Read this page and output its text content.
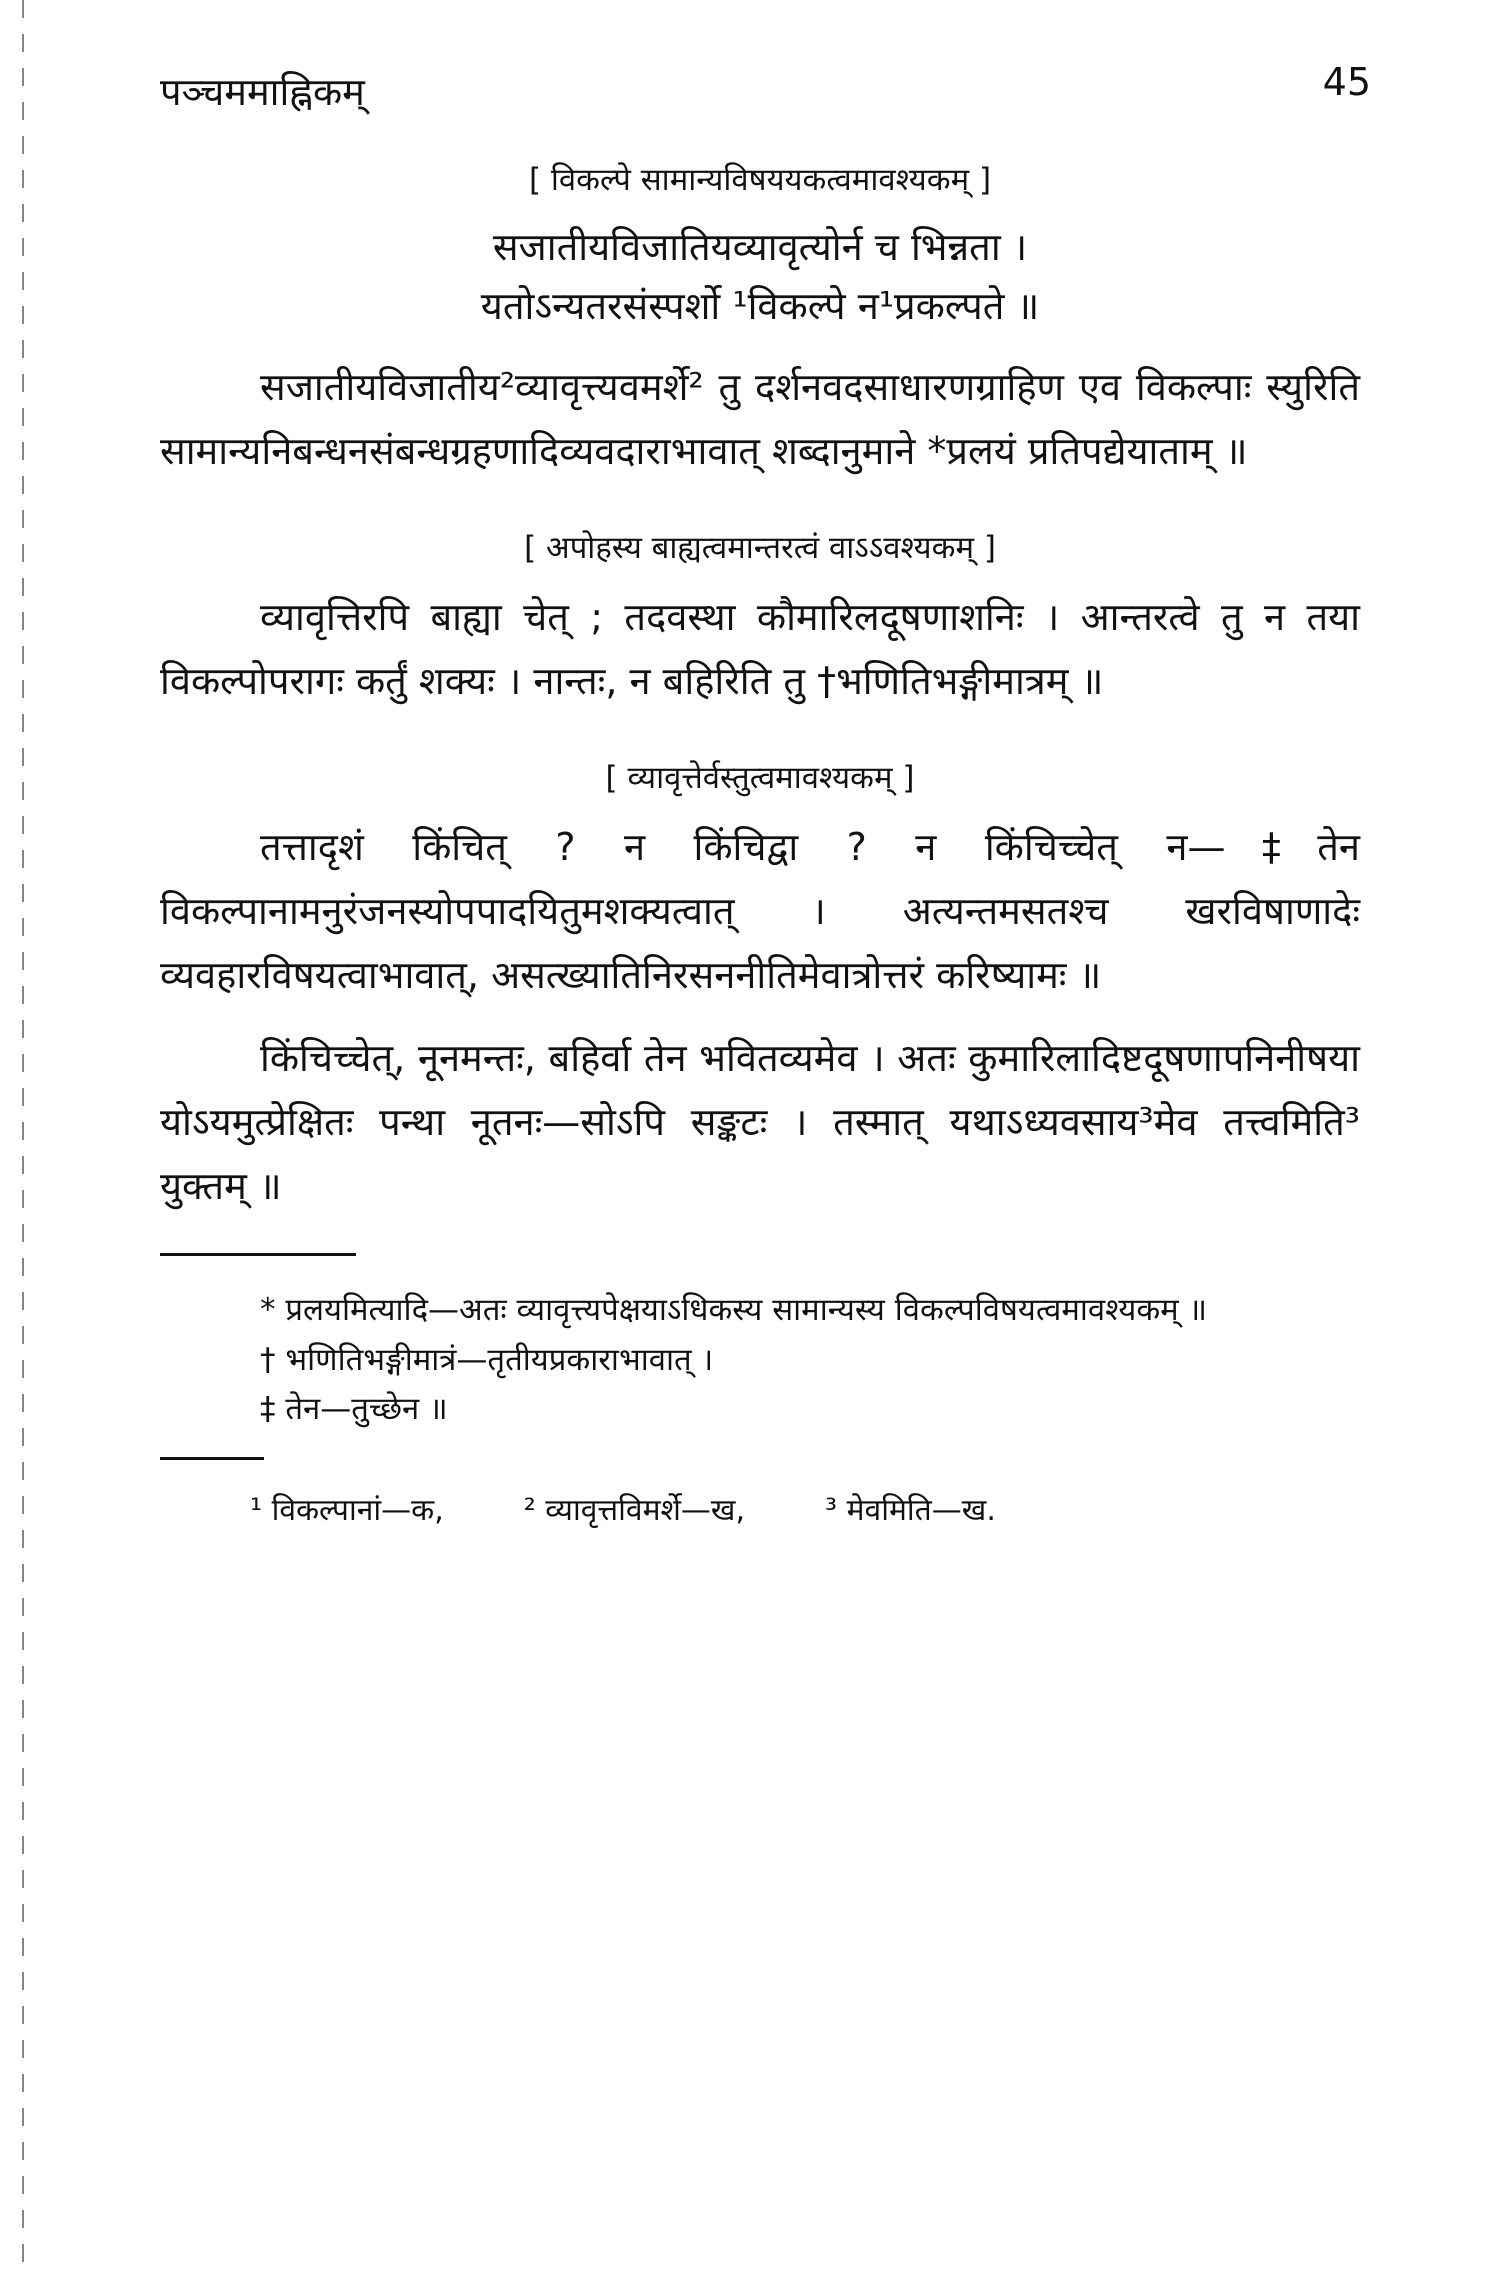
पञ्चममाह्निकम्	45

[ विकल्पे सामान्यविषययकत्वमावश्यकम् ]

सजातीयविजातियव्यावृत्योर्न च भिन्नता ।

यतोऽन्यतरसंस्पर्शो ¹विकल्पे न¹प्रकल्पते ॥

सजातीयविजातीय²व्यावृत्त्यवमर्शे² तु दर्शनवदसाधारणग्राहिण एव विकल्पाः स्युरिति सामान्यनिबन्धनसंबन्धग्रहणादिव्यवदाराभावात् शब्दानुमाने *प्रलयं प्रतिपद्येयाताम् ॥

[ अपोहस्य बाह्यत्वमान्तरत्वं वाऽऽवश्यकम् ]

व्यावृत्तिरपि बाह्या चेत् ; तदवस्था कौमारिलदूषणाशनिः । आन्तरत्वे तु न तया विकल्पोपरागः कर्तुं शक्यः । नान्तः, न बहिरिति तु †भणितिभङ्गीमात्रम् ॥

[ व्यावृत्तेर्वस्तुत्वमावश्यकम् ]

तत्तादृशं किंचित् ? न किंचिद्वा ? न किंचिच्चेत् न—‡तेन विकल्पानामनुरंजनस्योपपादयितुमशक्यत्वात् । अत्यन्तमसतश्च खरविषाणादेः व्यवहारविषयत्वाभावात्, असत्ख्यातिनिरसननीतिमेवात्रोत्तरं करिष्यामः ॥

किंचिच्चेत्, नूनमन्तः, बहिर्वा तेन भवितव्यमेव । अतः कुमारिलादिष्टदूषणापनिनीषया योऽयमुत्प्रेक्षितः पन्था नूतनः—सोऽपि सङ्कटः । तस्मात् यथाऽध्यवसाय³मेव तत्त्वमिति³ युक्तम् ॥

* प्रलयमित्यादि—अतः व्यावृत्त्यपेक्षयाऽधिकस्य सामान्यस्य विकल्पविषयत्वमावश्यकम् ॥

† भणितिभङ्गीमात्रं—तृतीयप्रकाराभावात् ।

‡ तेन—तुच्छेन ॥

¹ विकल्पानां—क,	² व्यावृत्तविमर्शे—ख,	³ मेवमिति—ख.
